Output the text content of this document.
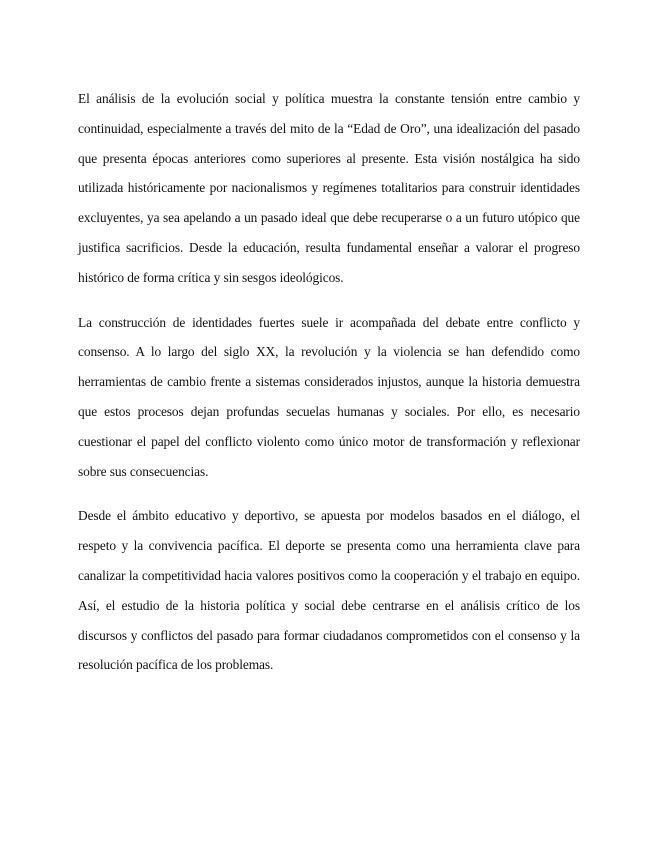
El análisis de la evolución social y política muestra la constante tensión entre cambio y continuidad, especialmente a través del mito de la “Edad de Oro”, una idealización del pasado que presenta épocas anteriores como superiores al presente. Esta visión nostálgica ha sido utilizada históricamente por nacionalismos y regímenes totalitarios para construir identidades excluyentes, ya sea apelando a un pasado ideal que debe recuperarse o a un futuro utópico que justifica sacrificios. Desde la educación, resulta fundamental enseñar a valorar el progreso histórico de forma crítica y sin sesgos ideológicos.

La construcción de identidades fuertes suele ir acompañada del debate entre conflicto y consenso. A lo largo del siglo XX, la revolución y la violencia se han defendido como herramientas de cambio frente a sistemas considerados injustos, aunque la historia demuestra que estos procesos dejan profundas secuelas humanas y sociales. Por ello, es necesario cuestionar el papel del conflicto violento como único motor de transformación y reflexionar sobre sus consecuencias.

Desde el ámbito educativo y deportivo, se apuesta por modelos basados en el diálogo, el respeto y la convivencia pacífica. El deporte se presenta como una herramienta clave para canalizar la competitividad hacia valores positivos como la cooperación y el trabajo en equipo. Así, el estudio de la historia política y social debe centrarse en el análisis crítico de los discursos y conflictos del pasado para formar ciudadanos comprometidos con el consenso y la resolución pacífica de los problemas.
